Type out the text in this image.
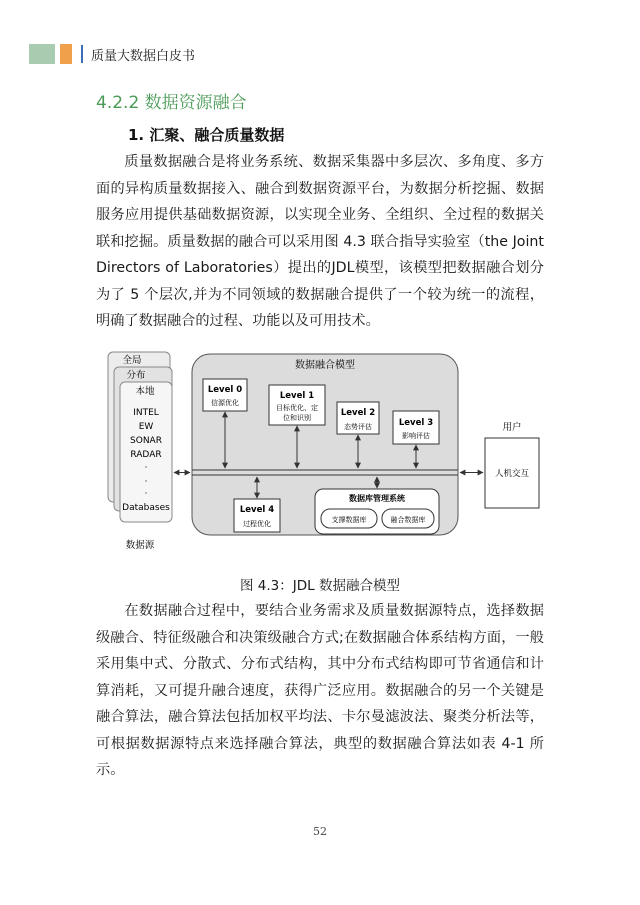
质量大数据白皮书
4.2.2 数据资源融合
1. 汇聚、融合质量数据

质量数据融合是将业务系统、数据采集器中多层次、多角度、多方面的异构质量数据接入、融合到数据资源平台，为数据分析挖掘、数据服务应用提供基础数据资源，以实现全业务、全组织、全过程的数据关联和挖掘。质量数据的融合可以采用图 4.3 联合指导实验室（the Joint Directors of Laboratories）提出的JDL模型，该模型把数据融合划分为了 5 个层次,并为不同领域的数据融合提供了一个较为统一的流程，明确了数据融合的过程、功能以及可用技术。

全局
分布
本地
INTEL
EW
SONAR
RADAR
·
·
·
Databases
数据源
数据融合模型
Level 0
信源优化
Level 1
目标优化、定
位和识别	Level 2
态势评估	Level 3
影响评估
Level 4
过程优化
数据库管理系统
支撑数据库	融合数据库
用户
人机交互
图 4.3：JDL 数据融合模型

在数据融合过程中，要结合业务需求及质量数据源特点，选择数据级融合、特征级融合和决策级融合方式;在数据融合体系结构方面，一般采用集中式、分散式、分布式结构，其中分布式结构即可节省通信和计算消耗，又可提升融合速度，获得广泛应用。数据融合的另一个关键是融合算法，融合算法包括加权平均法、卡尔曼滤波法、聚类分析法等，可根据数据源特点来选择融合算法，典型的数据融合算法如表 4-1 所示。

52
